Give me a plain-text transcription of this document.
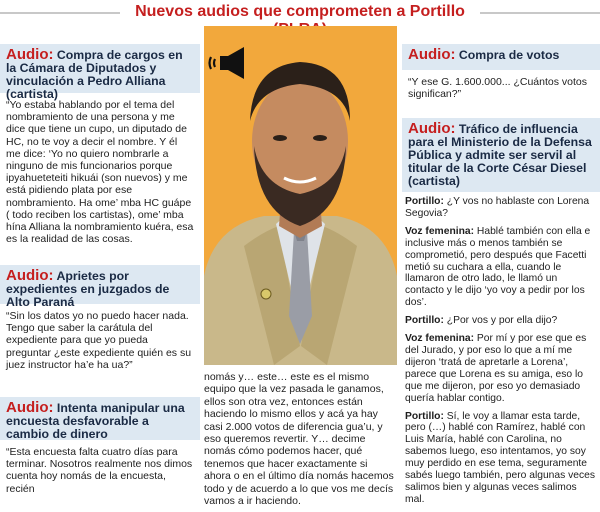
Nuevos audios que comprometen a Portillo
Audio: Compra de cargos en la Cámara de Diputados y vinculación a Pedro Alliana (cartista)
“Yo estaba hablando por el tema del nombramiento de una persona y me dice que tiene un cupo, un diputado de HC, no te voy a decir el nombre. Y él me dice: ‘Yo no quiero nombrarle a ninguno de mis funcionarios porque ipyahueteteiti hikuái (son nuevos) y me está pidiendo plata por ese nombramiento. Ha ome’ mba HC guápe ( todo reciben los cartistas), ome’ mba hína Alliana la nombramiento kuéra, esa es la realidad de las cosas.
Audio: Aprietes por expedientes en juzgados de Alto Paraná
“Sin los datos yo no puedo hacer nada. Tengo que saber la carátula del expediente para que yo pueda preguntar ¿este expediente quién es su juez instructor ha’e ha ua?”
Audio: Intenta manipular una encuesta desfavorable a cambio de dinero
“Esta encuesta falta cuatro días para terminar. Nosotros realmente nos dimos cuenta hoy nomás de la encuesta, recién
nomás y… este… este es el mismo equipo que la vez pasada le ganamos, ellos son otra vez, entonces están haciendo lo mismo ellos y acá ya hay casi 2.000 votos de diferencia gua’u, y eso queremos revertir. Y… decime nomás cómo podemos hacer, qué tenemos que hacer exactamente si ahora o en el último día nomás hacemos todo y de acuerdo a lo que vos me decís vamos a ir haciendo.
Audio: Compra de votos
“Y ese G. 1.600.000... ¿Cuántos votos significan?”
Audio: Tráfico de influencia para el Ministerio de la Defensa Pública y admite ser servil al titular de la Corte César Diesel (cartista)

Portillo: ¿Y vos no hablaste con Lorena Segovia?

Voz femenina: Hablé también con ella e inclusive más o menos también se comprometió, pero después que Facetti metió su cuchara a ella, cuando le llamaron de otro lado, le llamó un contacto y le dijo ‘yo voy a pedir por los dos’.

Portillo: ¿Por vos y por ella dijo?

Voz femenina: Por mí y por ese que es del Jurado, y por eso lo que a mí me dijeron ‘tratá de apretarle a Lorena’, parece que Lorena es su amiga, eso lo que me dijeron, por eso yo demasiado quería hablar contigo.

Portillo: Sí, le voy a llamar esta tarde, pero (…) hablé con Ramírez, hablé con Luis María, hablé con Carolina, no sabemos luego, eso intentamos, yo soy muy perdido en ese tema, seguramente sabés luego también, pero algunas veces salimos bien y algunas veces salimos mal.
